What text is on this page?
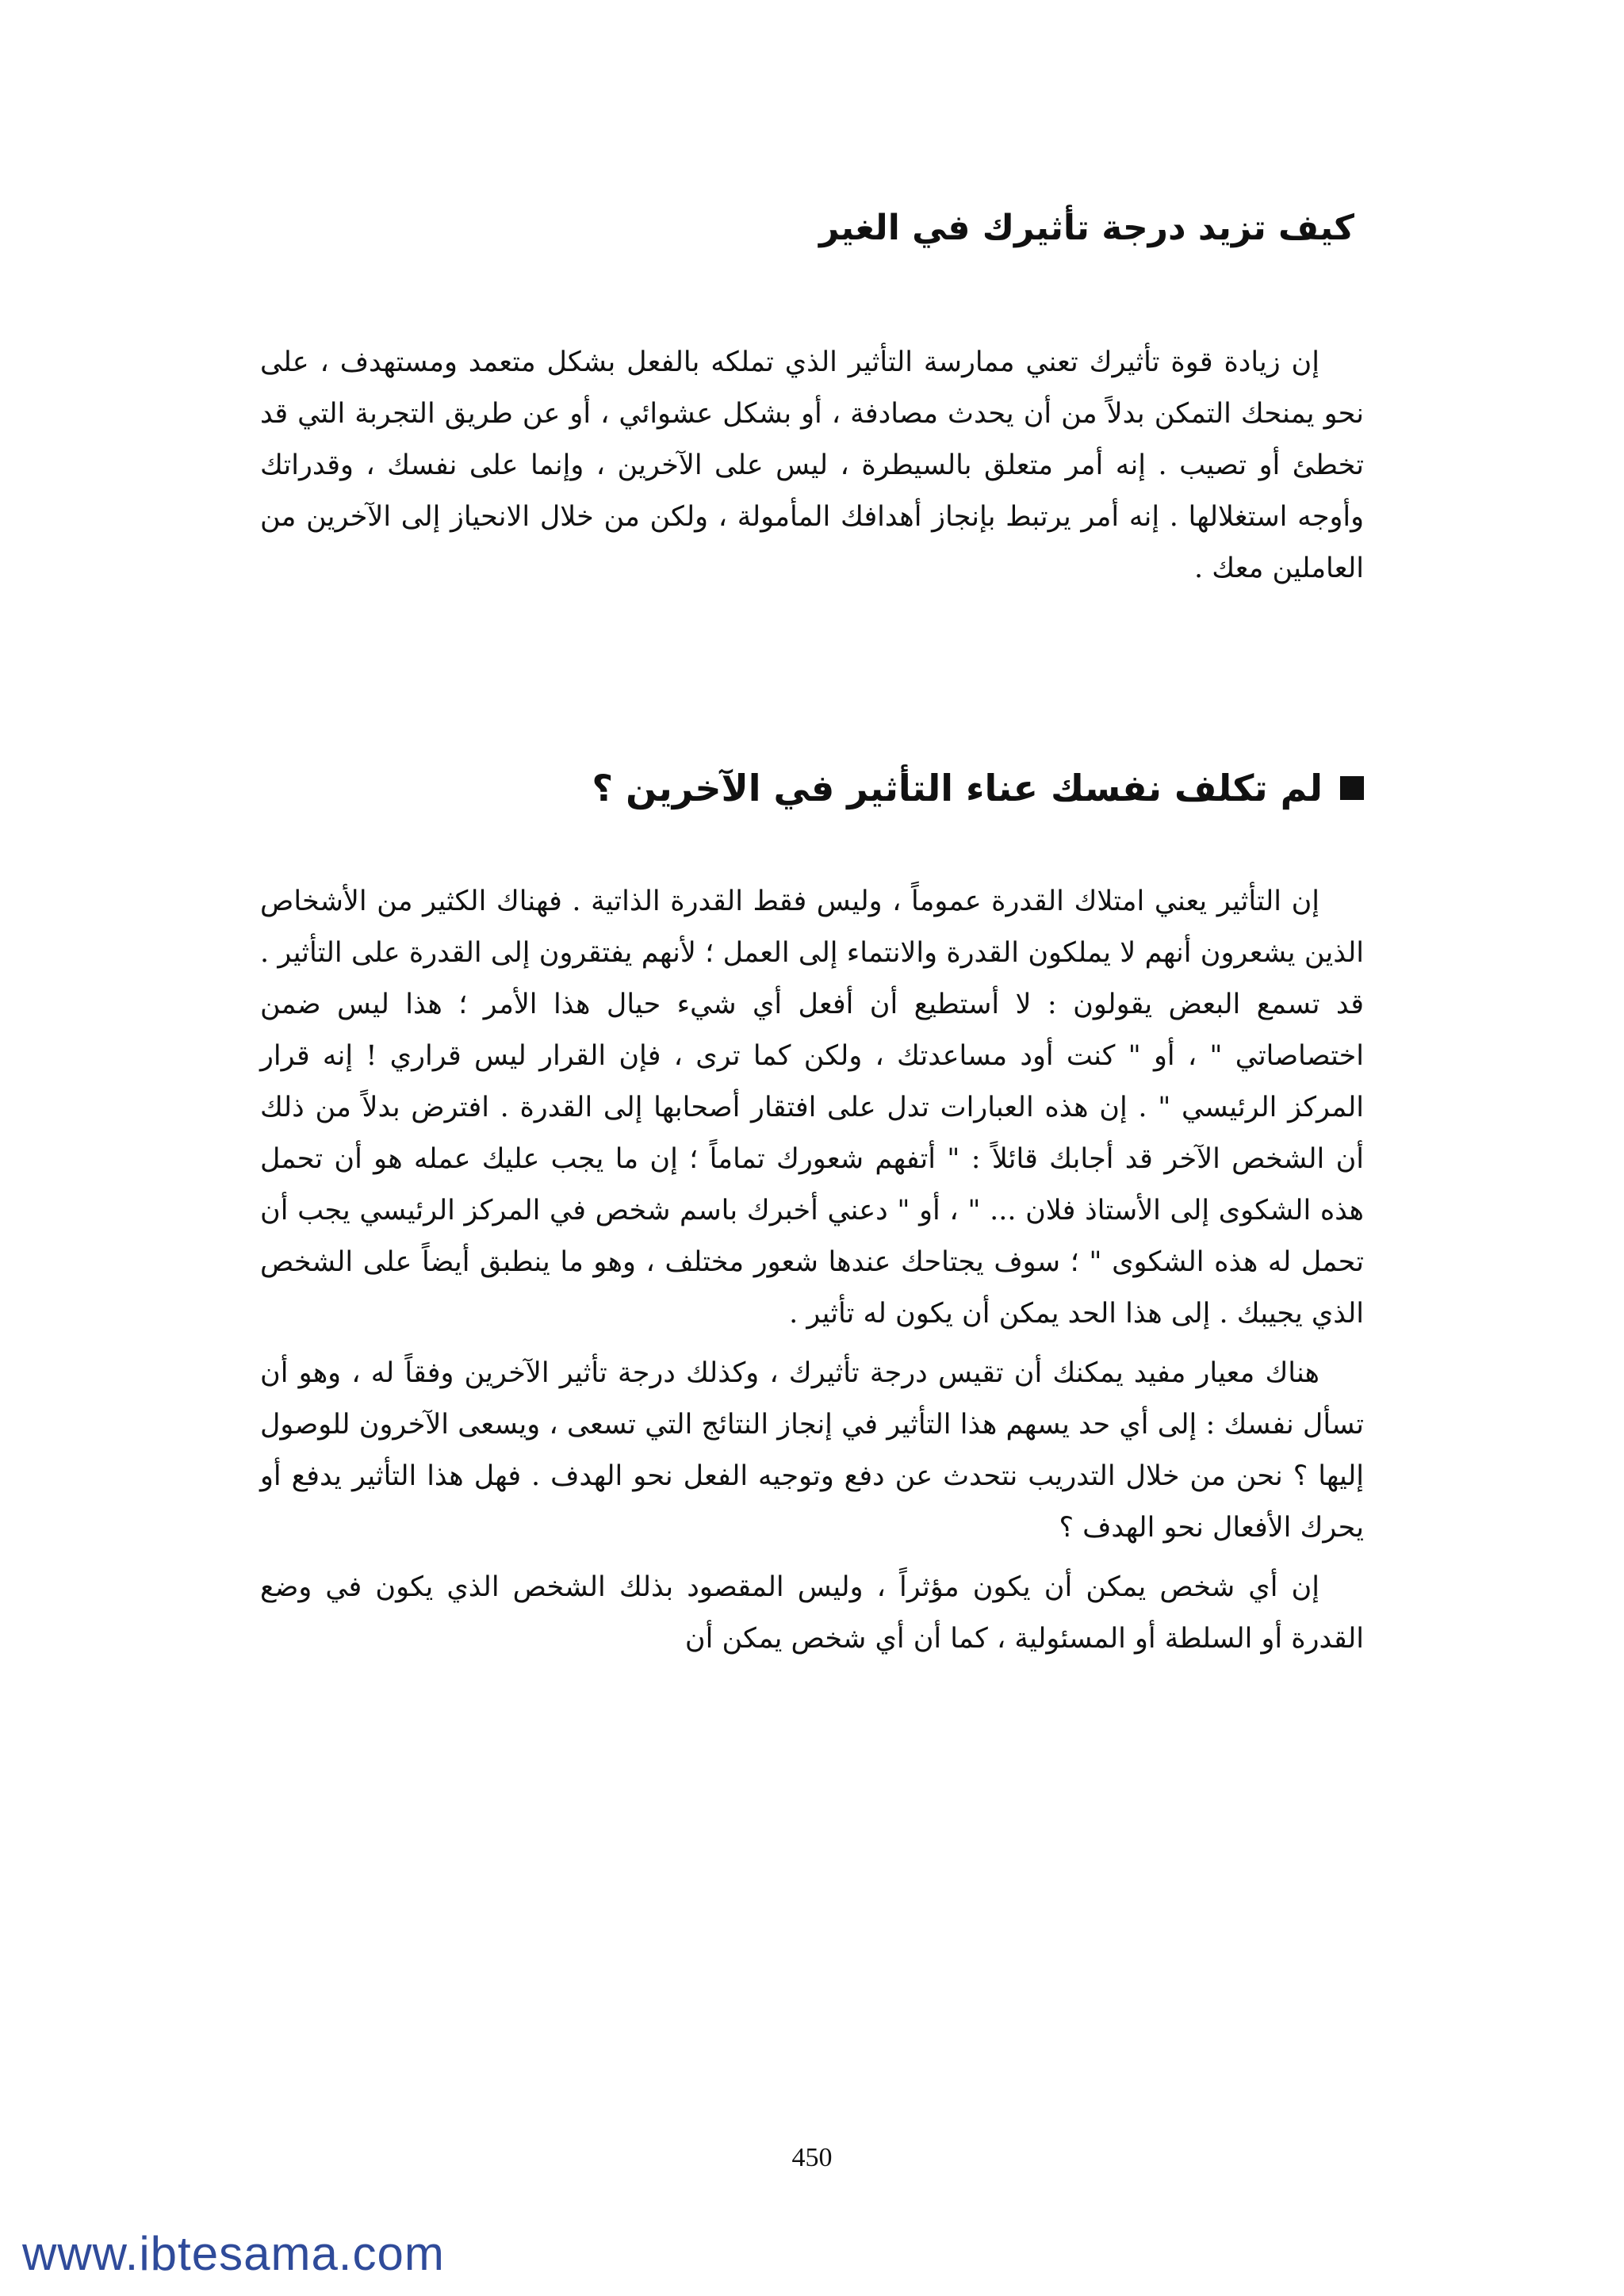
كيف تزيد درجة تأثيرك في الغير

إن زيادة قوة تأثيرك تعني ممارسة التأثير الذي تملكه بالفعل بشكل متعمد ومستهدف ، على نحو يمنحك التمكن بدلاً من أن يحدث مصادفة ، أو بشكل عشوائي ، أو عن طريق التجربة التي قد تخطئ أو تصيب . إنه أمر متعلق بالسيطرة ، ليس على الآخرين ، وإنما على نفسك ، وقدراتك وأوجه استغلالها . إنه أمر يرتبط بإنجاز أهدافك المأمولة ، ولكن من خلال الانحياز إلى الآخرين من العاملين معك .

لم تكلف نفسك عناء التأثير في الآخرين ؟

إن التأثير يعني امتلاك القدرة عموماً ، وليس فقط القدرة الذاتية . فهناك الكثير من الأشخاص الذين يشعرون أنهم لا يملكون القدرة والانتماء إلى العمل ؛ لأنهم يفتقرون إلى القدرة على التأثير . قد تسمع البعض يقولون : لا أستطيع أن أفعل أي شيء حيال هذا الأمر ؛ هذا ليس ضمن اختصاصاتي " ، أو " كنت أود مساعدتك ، ولكن كما ترى ، فإن القرار ليس قراري ! إنه قرار المركز الرئيسي " . إن هذه العبارات تدل على افتقار أصحابها إلى القدرة . افترض بدلاً من ذلك أن الشخص الآخر قد أجابك قائلاً : " أتفهم شعورك تماماً ؛ إن ما يجب عليك عمله هو أن تحمل هذه الشكوى إلى الأستاذ فلان ... " ، أو " دعني أخبرك باسم شخص في المركز الرئيسي يجب أن تحمل له هذه الشكوى " ؛ سوف يجتاحك عندها شعور مختلف ، وهو ما ينطبق أيضاً على الشخص الذي يجيبك . إلى هذا الحد يمكن أن يكون له تأثير .

هناك معيار مفيد يمكنك أن تقيس درجة تأثيرك ، وكذلك درجة تأثير الآخرين وفقاً له ، وهو أن تسأل نفسك : إلى أي حد يسهم هذا التأثير في إنجاز النتائج التي تسعى ، ويسعى الآخرون للوصول إليها ؟ نحن من خلال التدريب نتحدث عن دفع وتوجيه الفعل نحو الهدف . فهل هذا التأثير يدفع أو يحرك الأفعال نحو الهدف ؟

إن أي شخص يمكن أن يكون مؤثراً ، وليس المقصود بذلك الشخص الذي يكون في وضع القدرة أو السلطة أو المسئولية ، كما أن أي شخص يمكن أن

450
www.ibtesama.com
